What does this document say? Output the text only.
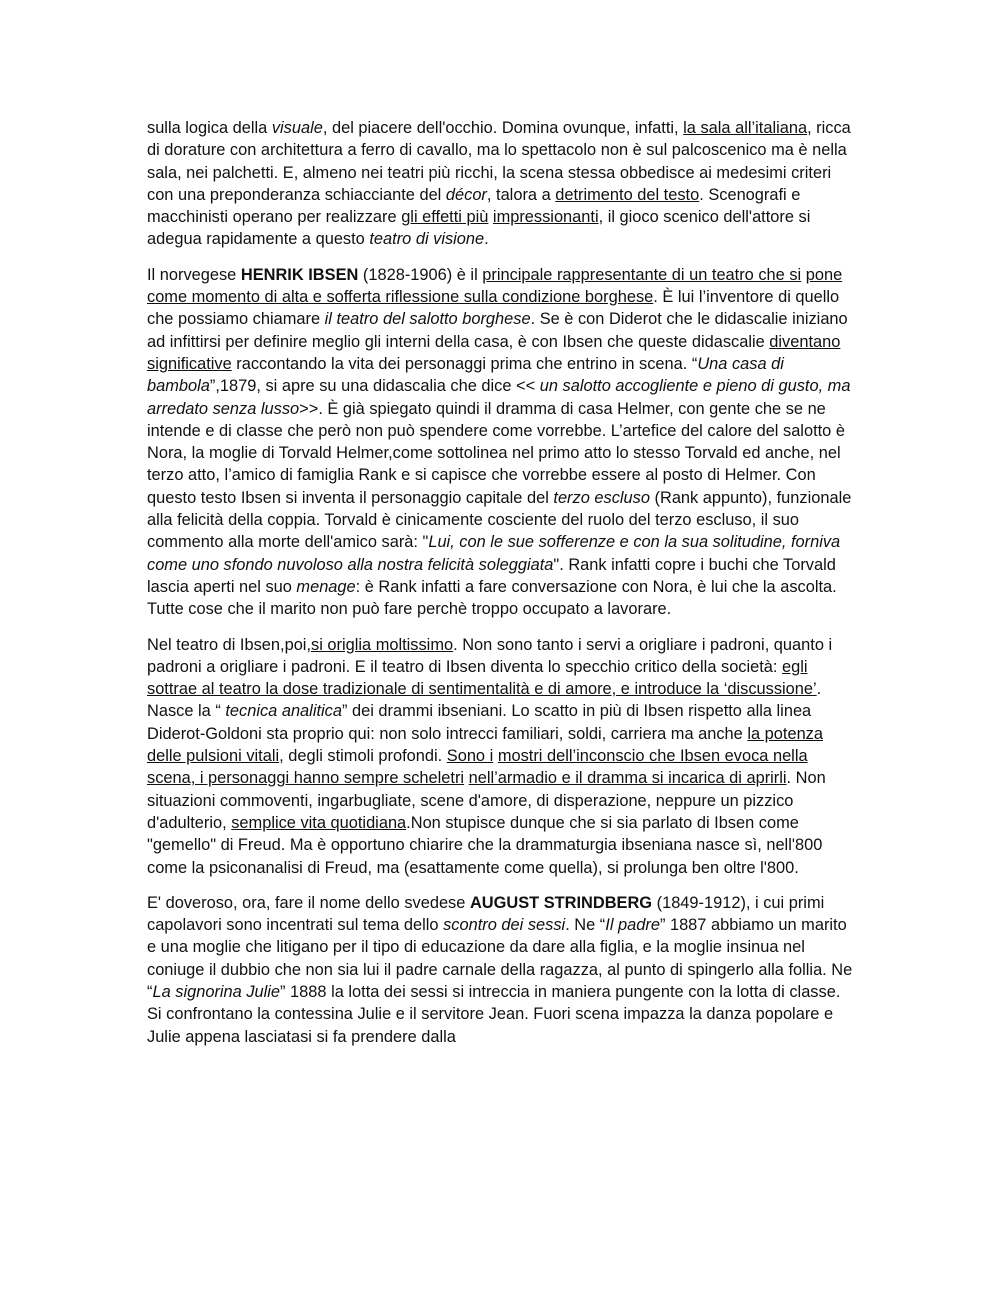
sulla logica della visuale, del piacere dell'occhio. Domina ovunque, infatti, la sala all’italiana, ricca di dorature con architettura a ferro di cavallo, ma lo spettacolo non è sul palcoscenico ma è nella sala, nei palchetti. E, almeno nei teatri più ricchi, la scena stessa obbedisce ai medesimi criteri con una preponderanza schiacciante del décor, talora a detrimento del testo. Scenografi e macchinisti operano per realizzare gli effetti più impressionanti, il gioco scenico dell'attore si adegua rapidamente a questo teatro di visione.

Il norvegese HENRIK IBSEN (1828-1906) è il principale rappresentante di un teatro che si pone come momento di alta e sofferta riflessione sulla condizione borghese. È lui l’inventore di quello che possiamo chiamare il teatro del salotto borghese. Se è con Diderot che le didascalie iniziano ad infittirsi per definire meglio gli interni della casa, è con Ibsen che queste didascalie diventano significative raccontando la vita dei personaggi prima che entrino in scena. “Una casa di bambola”,1879, si apre su una didascalia che dice << un salotto accogliente e pieno di gusto, ma arredato senza lusso>>. È già spiegato quindi il dramma di casa Helmer, con gente che se ne intende e di classe che però non può spendere come vorrebbe. L’artefice del calore del salotto è Nora, la moglie di Torvald Helmer,come sottolinea nel primo atto lo stesso Torvald ed anche, nel terzo atto, l’amico di famiglia Rank e si capisce che vorrebbe essere al posto di Helmer. Con questo testo Ibsen si inventa il personaggio capitale del terzo escluso (Rank appunto), funzionale alla felicità della coppia. Torvald è cinicamente cosciente del ruolo del terzo escluso, il suo commento alla morte dell'amico sarà: "Lui, con le sue sofferenze e con la sua solitudine, forniva come uno sfondo nuvoloso alla nostra felicità soleggiata". Rank infatti copre i buchi che Torvald lascia aperti nel suo menage: è Rank infatti a fare conversazione con Nora, è lui che la ascolta. Tutte cose che il marito non può fare perchè troppo occupato a lavorare.

Nel teatro di Ibsen,poi,si origlia moltissimo. Non sono tanto i servi a origliare i padroni, quanto i padroni a origliare i padroni. E il teatro di Ibsen diventa lo specchio critico della società: egli sottrae al teatro la dose tradizionale di sentimentalità e di amore, e introduce la ‘discussione’. Nasce la “ tecnica analitica” dei drammi ibseniani. Lo scatto in più di Ibsen rispetto alla linea Diderot-Goldoni sta proprio qui: non solo intrecci familiari, soldi, carriera ma anche la potenza delle pulsioni vitali, degli stimoli profondi. Sono i mostri dell’inconscio che Ibsen evoca nella scena, i personaggi hanno sempre scheletri nell’armadio e il dramma si incarica di aprirli. Non situazioni commoventi, ingarbugliate, scene d'amore, di disperazione, neppure un pizzico d'adulterio, semplice vita quotidiana.Non stupisce dunque che si sia parlato di Ibsen come "gemello" di Freud. Ma è opportuno chiarire che la drammaturgia ibseniana nasce sì, nell'800 come la psiconanalisi di Freud, ma (esattamente come quella), si prolunga ben oltre l'800.

E' doveroso, ora, fare il nome dello svedese AUGUST STRINDBERG (1849-1912), i cui primi capolavori sono incentrati sul tema dello scontro dei sessi. Ne “Il padre” 1887 abbiamo un marito e una moglie che litigano per il tipo di educazione da dare alla figlia, e la moglie insinua nel coniuge il dubbio che non sia lui il padre carnale della ragazza, al punto di spingerlo alla follia. Ne “La signorina Julie” 1888 la lotta dei sessi si intreccia in maniera pungente con la lotta di classe. Si confrontano la contessina Julie e il servitore Jean. Fuori scena impazza la danza popolare e Julie appena lasciatasi si fa prendere dalla
